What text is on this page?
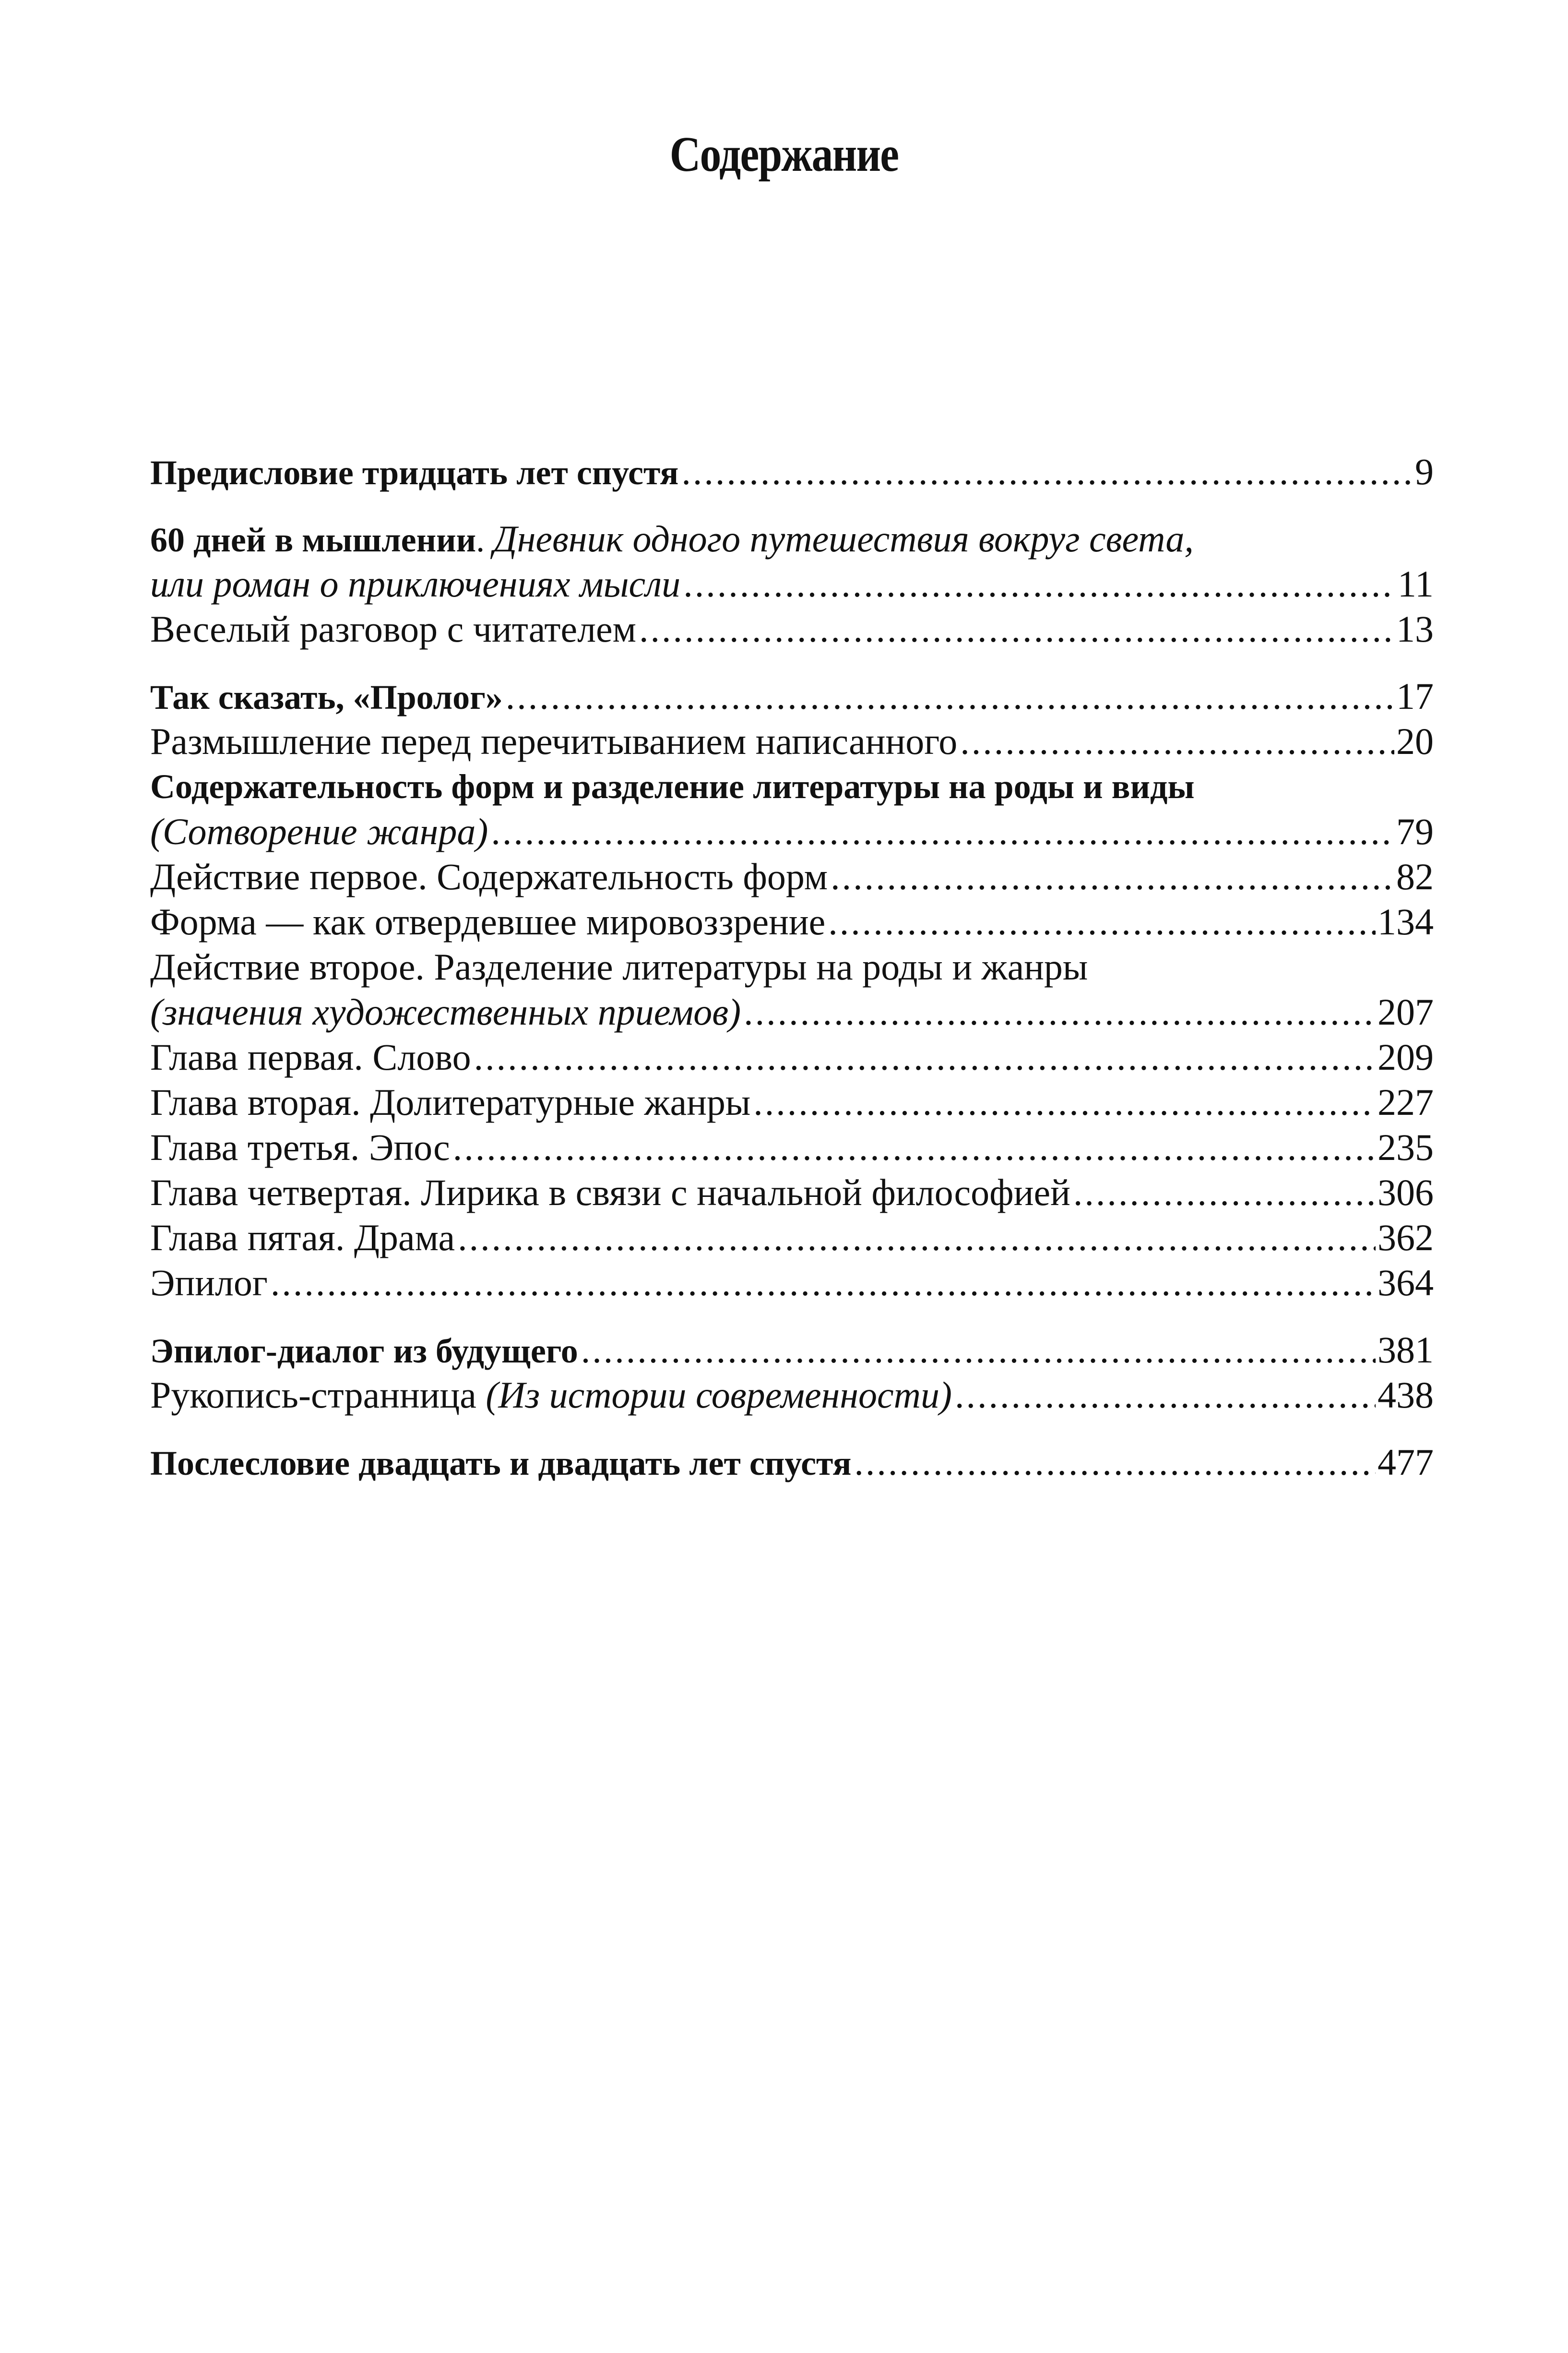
Содержание
Предисловие тридцать лет спустя .....	9
60 дней в мышлении. Дневник одного путешествия вокруг света,
или роман о приключениях мысли .....	11
Веселый разговор с читателем .....	13
Так сказать, «Пролог» .....	17
Размышление перед перечитыванием написанного .....	20
Содержательность форм и разделение литературы на роды и виды
(Сотворение жанра) .....	79
Действие первое. Содержательность форм .....	82
Форма — как отвердевшее мировоззрение .....	134
Действие второе. Разделение литературы на роды и жанры
(значения художественных приемов) .....	207
Глава первая. Слово .....	209
Глава вторая. Долитературные жанры .....	227
Глава третья. Эпос .....	235
Глава четвертая. Лирика в связи с начальной философией .....	306
Глава пятая. Драма .....	362
Эпилог .....	364
Эпилог-диалог из будущего .....	381
Рукопись-странница (Из истории современности) .....	438
Послесловие двадцать и двадцать лет спустя .....	477
